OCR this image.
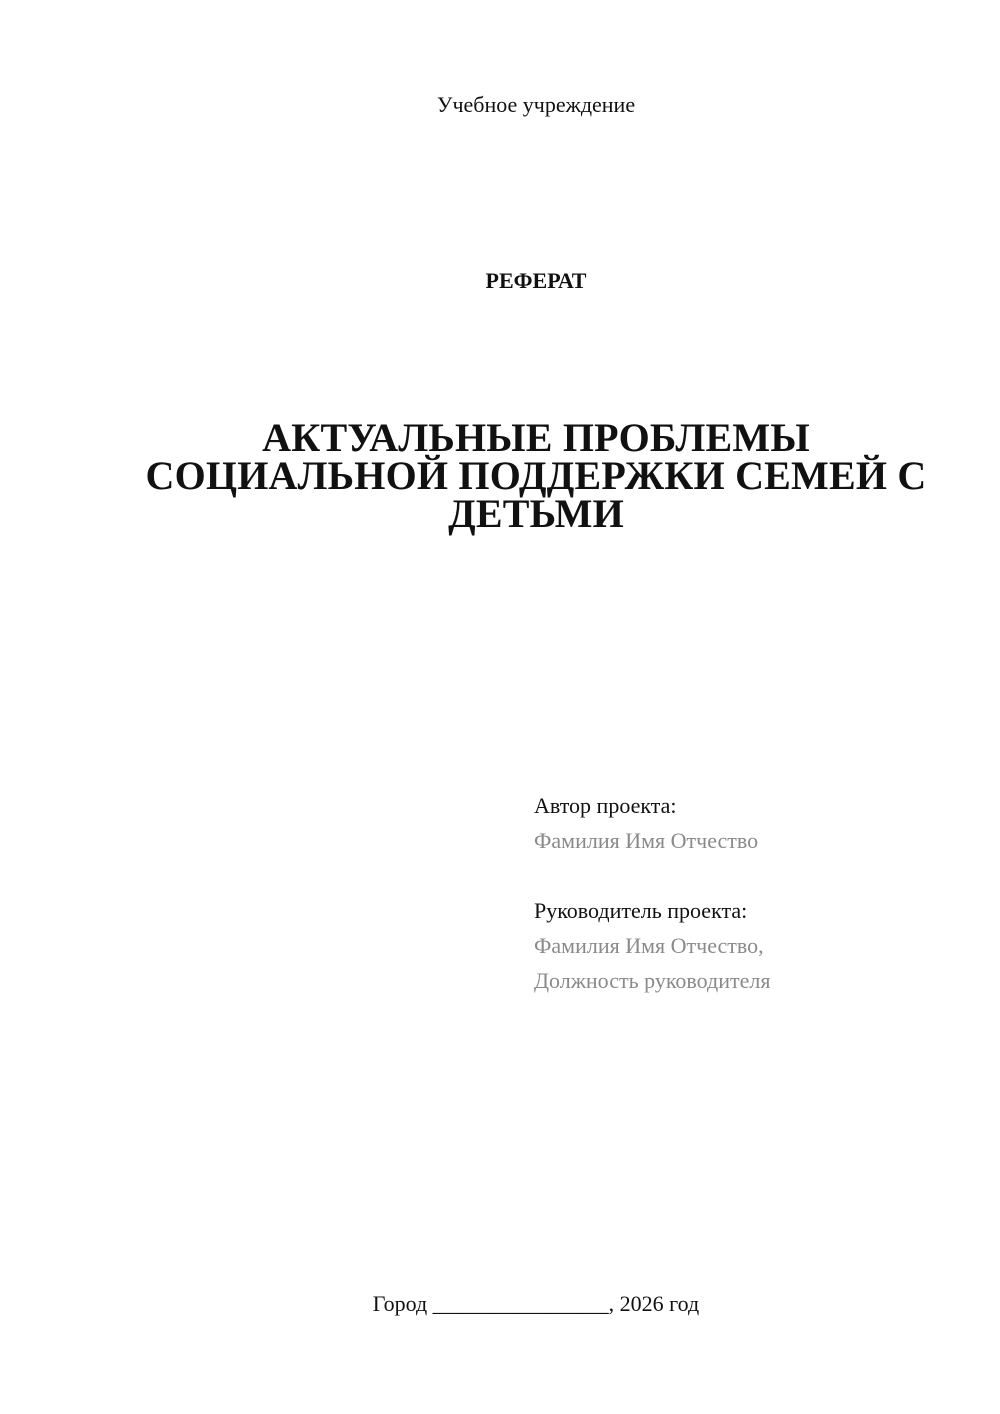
Учебное учреждение
РЕФЕРАТ
АКТУАЛЬНЫЕ ПРОБЛЕМЫ
СОЦИАЛЬНОЙ ПОДДЕРЖКИ СЕМЕЙ С
ДЕТЬМИ
Автор проекта:
Фамилия Имя Отчество
Руководитель проекта:
Фамилия Имя Отчество,
Должность руководителя
Город ________________, 2026 год
